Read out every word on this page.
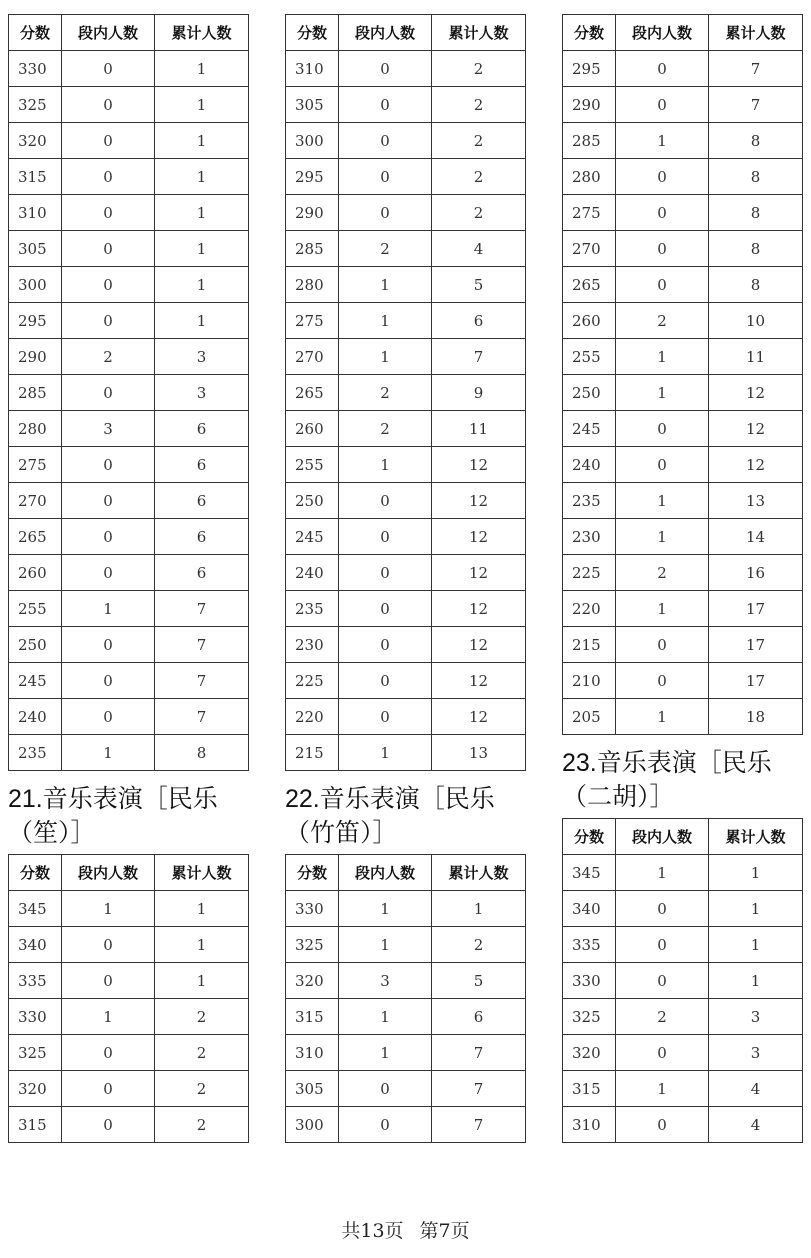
分数	段内人数	累计人数
330	0	1
325	0	1
320	0	1
315	0	1
310	0	1
305	0	1
300	0	1
295	0	1
290	2	3
285	0	3
280	3	6
275	0	6
270	0	6
265	0	6
260	0	6
255	1	7
250	0	7
245	0	7
240	0	7
235	1	8
分数	段内人数	累计人数
310	0	2
305	0	2
300	0	2
295	0	2
290	0	2
285	2	4
280	1	5
275	1	6
270	1	7
265	2	9
260	2	11
255	1	12
250	0	12
245	0	12
240	0	12
235	0	12
230	0	12
225	0	12
220	0	12
215	1	13
分数	段内人数	累计人数
295	0	7
290	0	7
285	1	8
280	0	8
275	0	8
270	0	8
265	0	8
260	2	10
255	1	11
250	1	12
245	0	12
240	0	12
235	1	13
230	1	14
225	2	16
220	1	17
215	0	17
210	0	17
205	1	18
21.音乐表演［民乐
（笙）］
分数	段内人数	累计人数
345	1	1
340	0	1
335	0	1
330	1	2
325	0	2
320	0	2
315	0	2
22.音乐表演［民乐
（竹笛）］
分数	段内人数	累计人数
330	1	1
325	1	2
320	3	5
315	1	6
310	1	7
305	0	7
300	0	7
23.音乐表演［民乐
（二胡）］
分数	段内人数	累计人数
345	1	1
340	0	1
335	0	1
330	0	1
325	2	3
320	0	3
315	1	4
310	0	4
共13页 第7页
